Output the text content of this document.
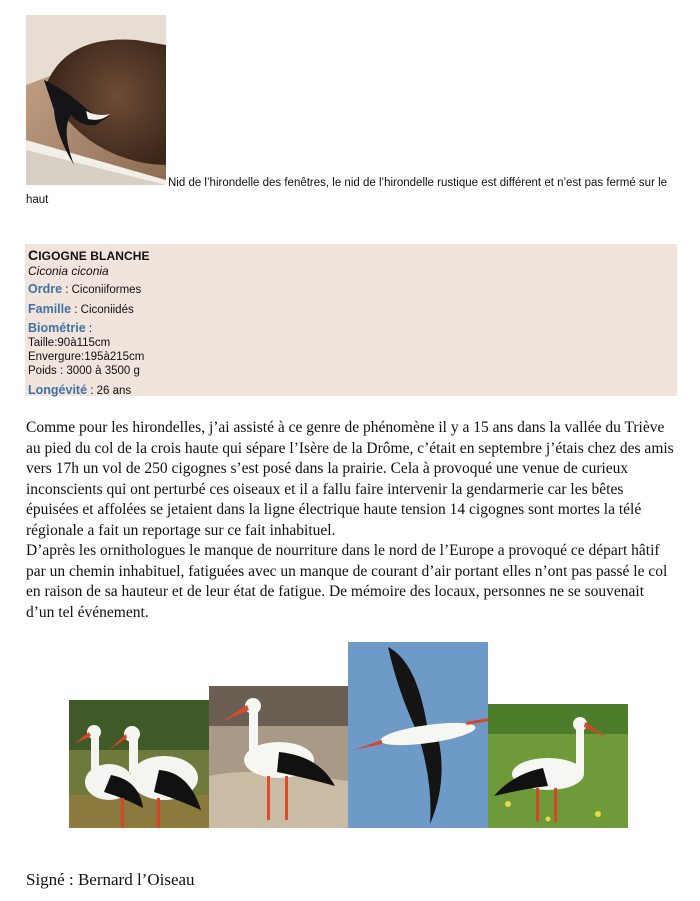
Nid de l’hirondelle des fenêtres, le nid de l’hirondelle rustique est différent et n’est pas fermé sur le haut
CIGOGNE BLANCHE
Ciconia ciconia
Ordre : Ciconiiformes
Famille : Ciconiidés
Biométrie :
Taille:90à115cm
Envergure:195à215cm
Poids : 3000 à 3500 g
Longévité : 26 ans

Comme pour les hirondelles, j’ai assisté à ce genre de phénomène il y a 15 ans dans la vallée du Triève au pied du col de la crois haute qui sépare l’Isère de la Drôme, c’était en septembre j’étais chez des amis vers 17h un vol de 250 cigognes s’est posé dans la prairie. Cela à provoqué une venue de curieux inconscients qui ont perturbé ces oiseaux et il a fallu faire intervenir la gendarmerie car les bêtes épuisées et affolées se jetaient dans la ligne électrique haute tension 14 cigognes sont mortes la télé régionale a fait un reportage sur ce fait inhabituel.

D’après les ornithologues le manque de nourriture dans le nord de l’Europe a provoqué ce départ hâtif par un chemin inhabituel, fatiguées avec un manque de courant d’air portant elles n’ont pas passé le col en raison de sa hauteur et de leur état de fatigue. De mémoire des locaux, personnes ne se souvenait d’un tel événement.

Signé : Bernard l’Oiseau
